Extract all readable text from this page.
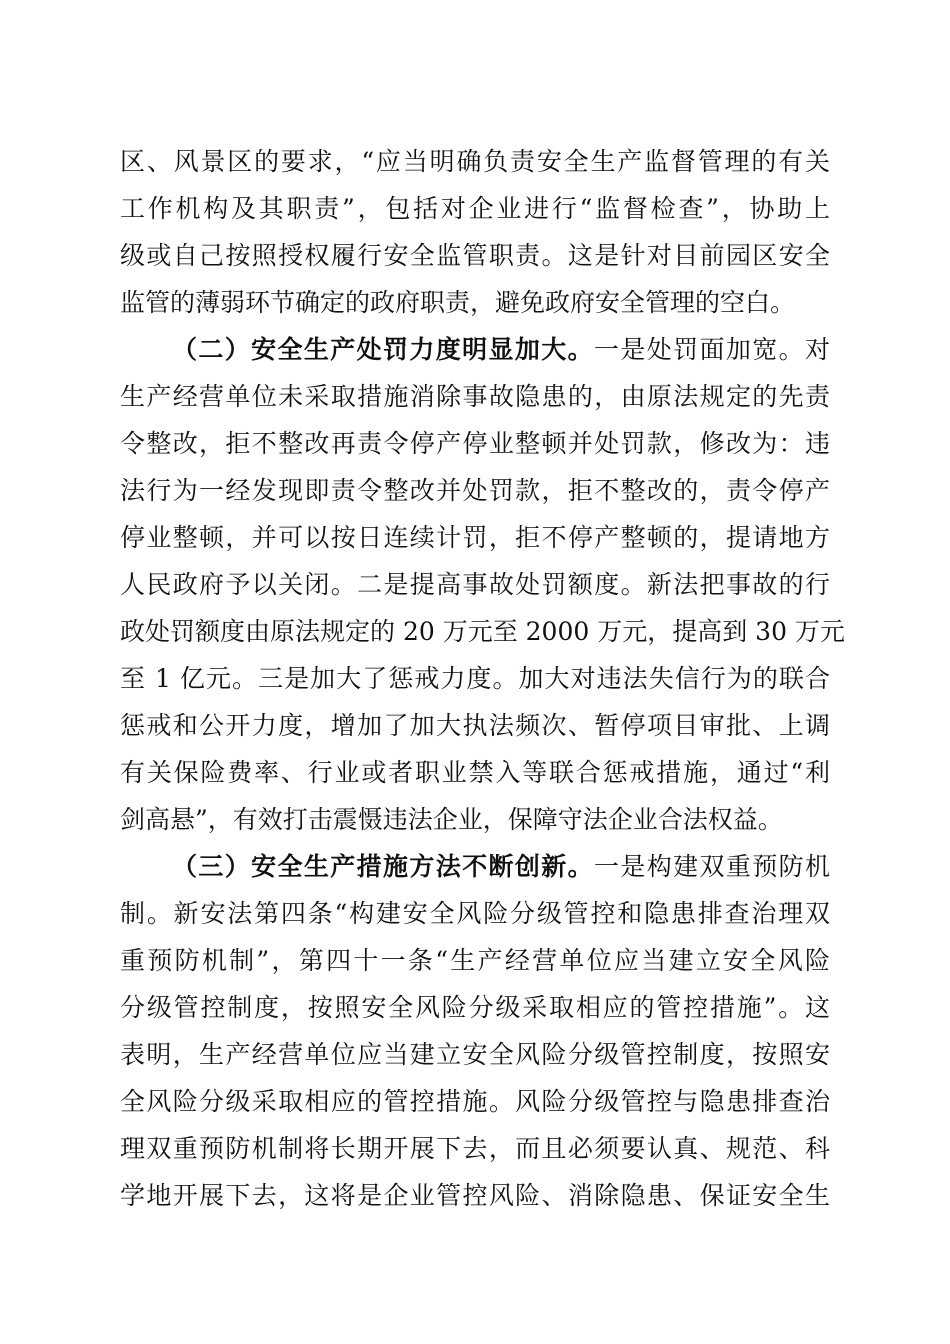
区、风景区的要求，“应当明确负责安全生产监督管理的有关
工作机构及其职责”，包括对企业进行“监督检查”，协助上
级或自己按照授权履行安全监管职责。这是针对目前园区安全
监管的薄弱环节确定的政府职责，避免政府安全管理的空白。
（二）安全生产处罚力度明显加大。一是处罚面加宽。对
生产经营单位未采取措施消除事故隐患的，由原法规定的先责
令整改，拒不整改再责令停产停业整顿并处罚款，修改为：违
法行为一经发现即责令整改并处罚款，拒不整改的，责令停产
停业整顿，并可以按日连续计罚，拒不停产整顿的，提请地方
人民政府予以关闭。二是提高事故处罚额度。新法把事故的行
政处罚额度由原法规定的 20 万元至 2000 万元，提高到 30 万元
至 1 亿元。三是加大了惩戒力度。加大对违法失信行为的联合
惩戒和公开力度，增加了加大执法频次、暂停项目审批、上调
有关保险费率、行业或者职业禁入等联合惩戒措施，通过“利
剑高悬”，有效打击震慑违法企业，保障守法企业合法权益。
（三）安全生产措施方法不断创新。一是构建双重预防机
制。新安法第四条“构建安全风险分级管控和隐患排查治理双
重预防机制”，第四十一条“生产经营单位应当建立安全风险
分级管控制度，按照安全风险分级采取相应的管控措施”。这
表明，生产经营单位应当建立安全风险分级管控制度，按照安
全风险分级采取相应的管控措施。风险分级管控与隐患排查治
理双重预防机制将长期开展下去，而且必须要认真、规范、科
学地开展下去，这将是企业管控风险、消除隐患、保证安全生
